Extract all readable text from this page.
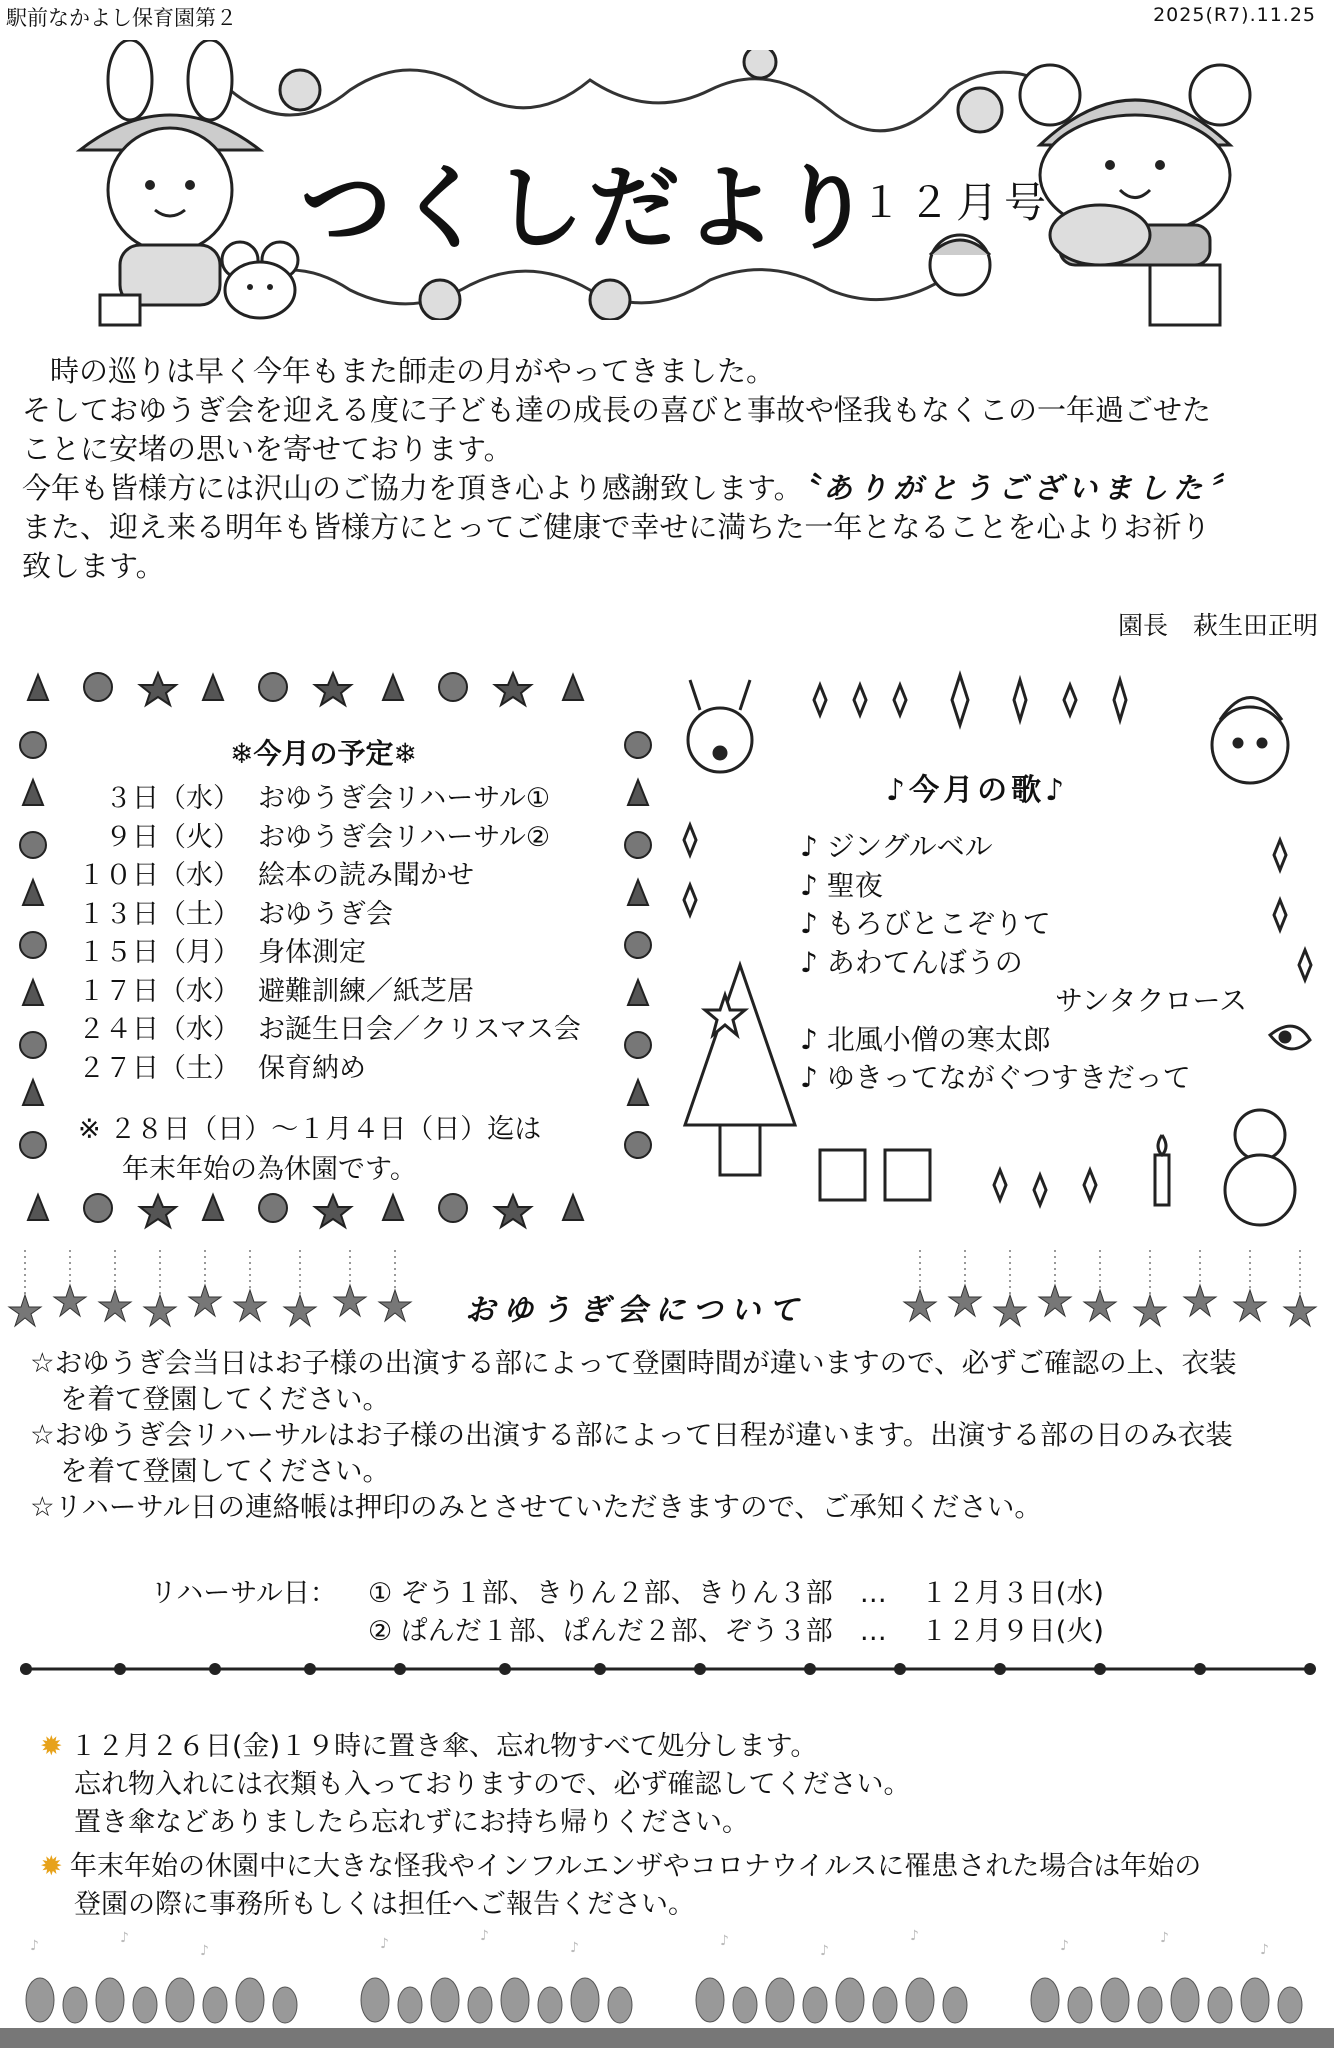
駅前なかよし保育園第２	2025(R7).11.25
つくしだより
１２月号

時の巡りは早く今年もまた師走の月がやってきました。

そしておゆうぎ会を迎える度に子ども達の成長の喜びと事故や怪我もなくこの一年過ごせた

ことに安堵の思いを寄せております。

今年も皆様方には沢山のご協力を頂き心より感謝致します。〝ありがとうございました〞

また、迎え来る明年も皆様方にとってご健康で幸せに満ちた一年となることを心よりお祈り

致します。

園長　萩生田正明
❄今月の予定❄
３日（水） おゆうぎ会リハーサル①
９日（火） おゆうぎ会リハーサル②
１０日（水） 絵本の読み聞かせ
１３日（土） おゆうぎ会
１５日（月） 身体測定
１７日（水） 避難訓練／紙芝居
２４日（水） お誕生日会／クリスマス会
２７日（土） 保育納め
※ ２８日（日）～１月４日（日）迄は
年末年始の為休園です。
♪今月の歌♪
♪ ジングルベル
♪ 聖夜
♪ もろびとこぞりて
♪ あわてんぼうの
サンタクロース
♪ 北風小僧の寒太郎
♪ ゆきってながぐつすきだって
おゆうぎ会について

☆おゆうぎ会当日はお子様の出演する部によって登園時間が違いますので、必ずご確認の上、衣装

を着て登園してください。

☆おゆうぎ会リハーサルはお子様の出演する部によって日程が違います。出演する部の日のみ衣装

を着て登園してください。

☆リハーサル日の連絡帳は押印のみとさせていただきますので、ご承知ください。

リハーサル日： ① ぞう１部、きりん２部、きりん３部　… １２月３日(水)
② ぱんだ１部、ぱんだ２部、ぞう３部　… １２月９日(火)

✹ １２月２６日(金)１９時に置き傘、忘れ物すべて処分します。

忘れ物入れには衣類も入っておりますので、必ず確認してください。

置き傘などありましたら忘れずにお持ち帰りください。

✹ 年末年始の休園中に大きな怪我やインフルエンザやコロナウイルスに罹患された場合は年始の

登園の際に事務所もしくは担任へご報告ください。

♪	♪
♪	♪	♪
♪	♪
♪
♪
♪	♪
♪
